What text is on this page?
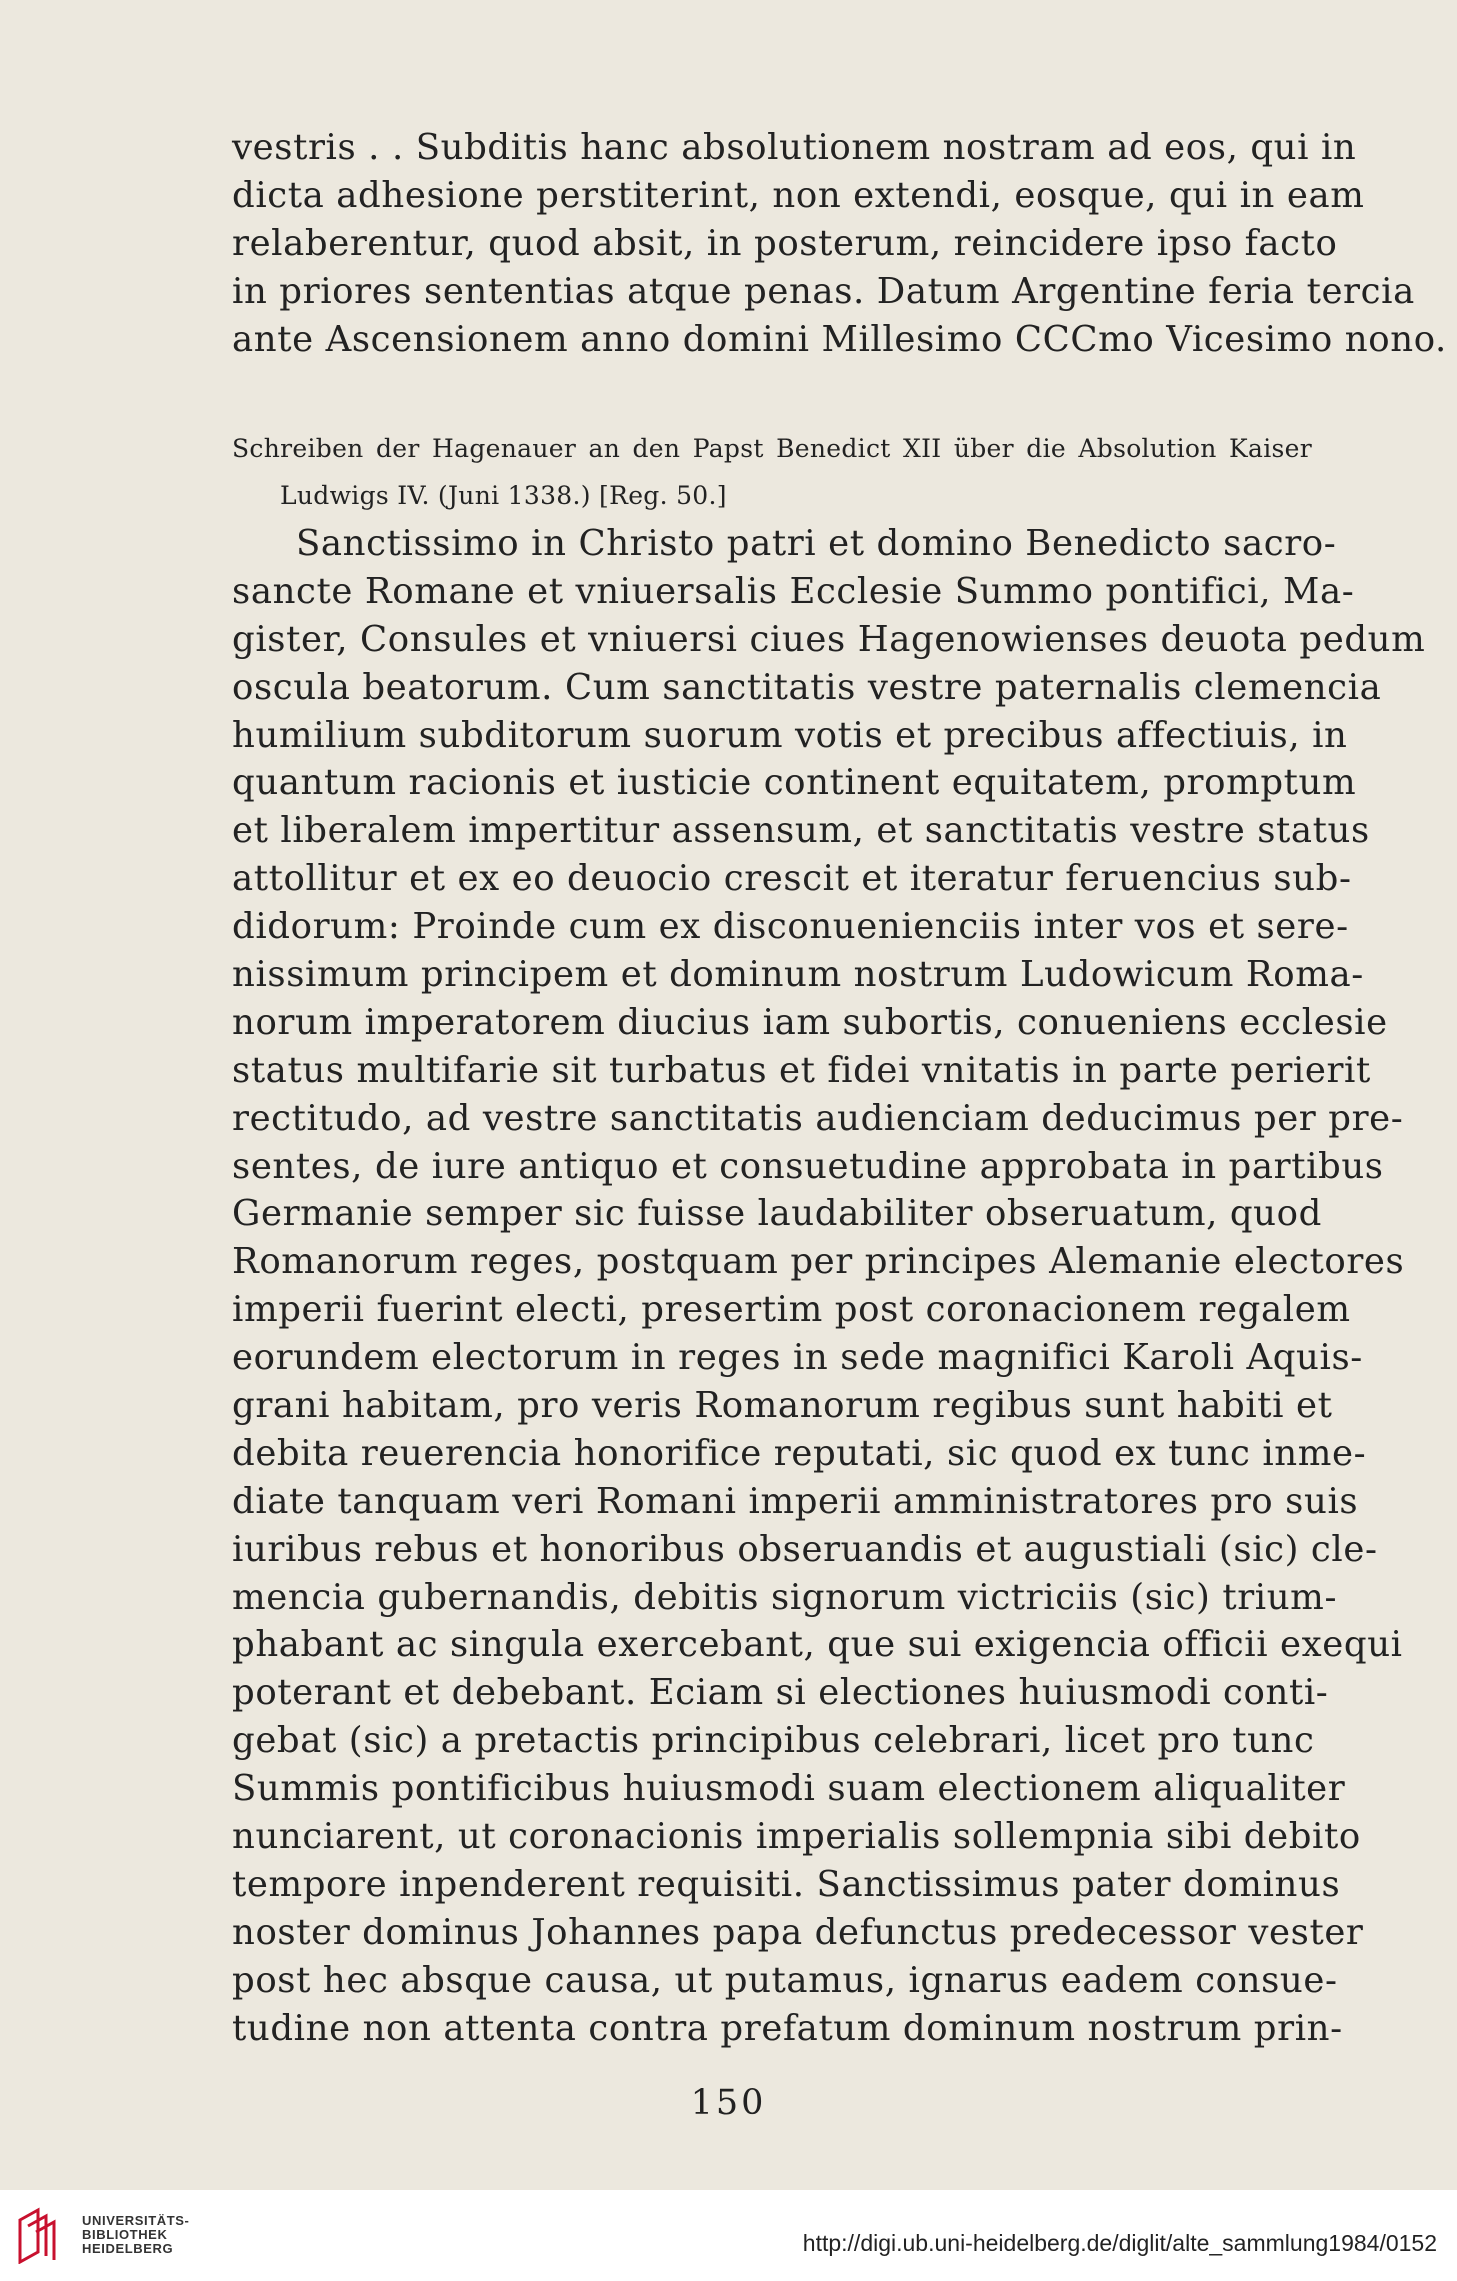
vestris . . Subditis hanc absolutionem nostram ad eos, qui in
dicta adhesione perstiterint, non extendi, eosque, qui in eam
relaberentur, quod absit, in posterum, reincidere ipso facto
in priores sententias atque penas. Datum Argentine feria tercia
ante Ascensionem anno domini Millesimo CCCmo Vicesimo nono.
Schreiben der Hagenauer an den Papst Benedict XII über die Absolution Kaiser
Ludwigs IV. (Juni 1338.) [Reg. 50.]
Sanctissimo in Christo patri et domino Benedicto sacro-
sancte Romane et vniuersalis Ecclesie Summo pontifici, Ma-
gister, Consules et vniuersi ciues Hagenowienses deuota pedum
oscula beatorum. Cum sanctitatis vestre paternalis clemencia
humilium subditorum suorum votis et precibus affectiuis, in
quantum racionis et iusticie continent equitatem, promptum
et liberalem impertitur assensum, et sanctitatis vestre status
attollitur et ex eo deuocio crescit et iteratur feruencius sub-
didorum: Proinde cum ex disconuenienciis inter vos et sere-
nissimum principem et dominum nostrum Ludowicum Roma-
norum imperatorem diucius iam subortis, conueniens ecclesie
status multifarie sit turbatus et fidei vnitatis in parte perierit
rectitudo, ad vestre sanctitatis audienciam deducimus per pre-
sentes, de iure antiquo et consuetudine approbata in partibus
Germanie semper sic fuisse laudabiliter obseruatum, quod
Romanorum reges, postquam per principes Alemanie electores
imperii fuerint electi, presertim post coronacionem regalem
eorundem electorum in reges in sede magnifici Karoli Aquis-
grani habitam, pro veris Romanorum regibus sunt habiti et
debita reuerencia honorifice reputati, sic quod ex tunc inme-
diate tanquam veri Romani imperii amministratores pro suis
iuribus rebus et honoribus obseruandis et augustiali (sic) cle-
mencia gubernandis, debitis signorum victriciis (sic) trium-
phabant ac singula exercebant, que sui exigencia officii exequi
poterant et debebant. Eciam si electiones huiusmodi conti-
gebat (sic) a pretactis principibus celebrari, licet pro tunc
Summis pontificibus huiusmodi suam electionem aliqualiter
nunciarent, ut coronacionis imperialis sollempnia sibi debito
tempore inpenderent requisiti. Sanctissimus pater dominus
noster dominus Johannes papa defunctus predecessor vester
post hec absque causa, ut putamus, ignarus eadem consue-
tudine non attenta contra prefatum dominum nostrum prin-
150
UNIVERSITÄTS-
BIBLIOTHEK
HEIDELBERG	http://digi.ub.uni-heidelberg.de/diglit/alte_sammlung1984/0152
